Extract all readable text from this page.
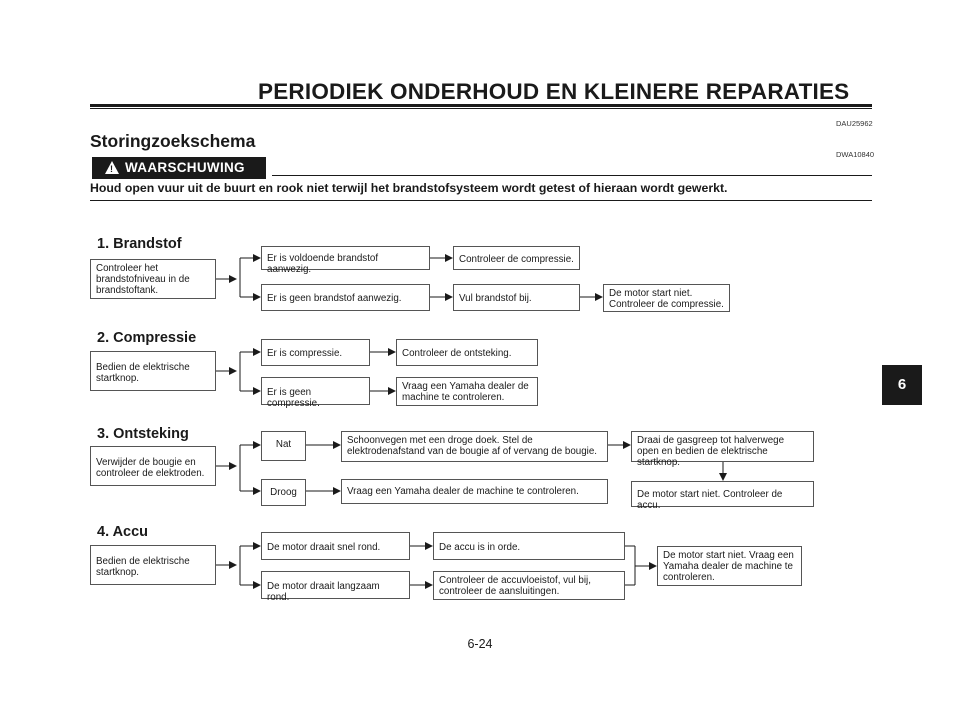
PERIODIEK ONDERHOUD EN KLEINERE REPARATIES
DAU25962
Storingzoekschema
DWA10840
! WAARSCHUWING
Houd open vuur uit de buurt en rook niet terwijl het brandstofsysteem wordt getest of hieraan wordt gewerkt.
1. Brandstof
Controleer het brandstofniveau in de brandstoftank.
Er is voldoende brandstof aanwezig.
Controleer de compressie.
Er is geen brandstof aanwezig.	Vul brandstof bij.	De motor start niet. Controleer de compressie.
2. Compressie
Bedien de elektrische startknop.
Er is compressie.	Controleer de ontsteking.
Er is geen compressie.
Vraag een Yamaha dealer de machine te controleren.
3. Ontsteking
Verwijder de bougie en controleer de elektroden.
Nat	Schoonvegen met een droge doek. Stel de elektrodenafstand van de bougie af of vervang de bougie.
Draai de gasgreep tot halverwege open en bedien de elektrische startknop.
Droog	Vraag een Yamaha dealer de machine te controleren.	De motor start niet. Controleer de accu.
4. Accu
Bedien de elektrische startknop.
De motor draait snel rond.	De accu is in orde.
De motor draait langzaam rond.
Controleer de accuvloeistof, vul bij, controleer de aansluitingen.
De motor start niet. Vraag een Yamaha dealer de machine te controleren.
6
6-24
